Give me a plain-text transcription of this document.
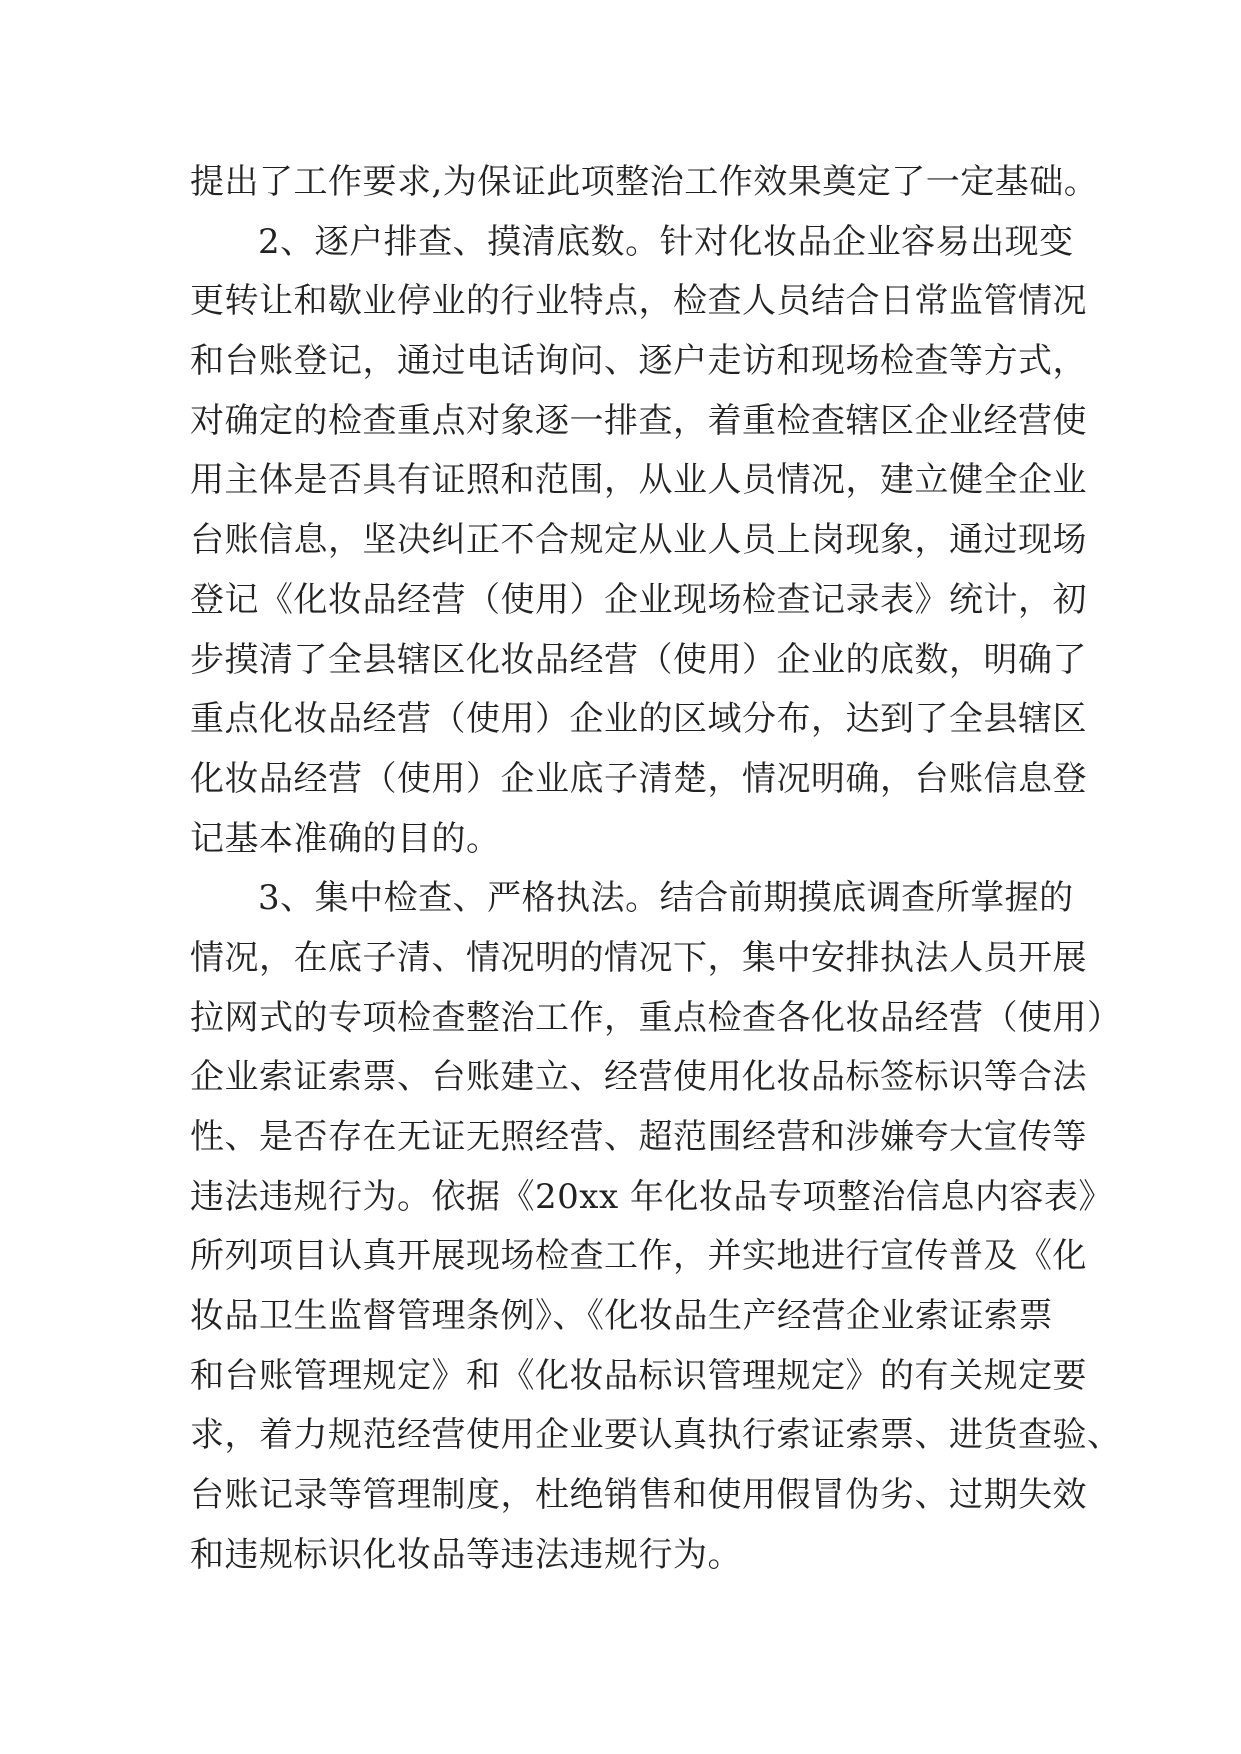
提出了工作要求,为保证此项整治工作效果奠定了一定基础。
2、逐户排查、摸清底数。针对化妆品企业容易出现变
更转让和歇业停业的行业特点，检查人员结合日常监管情况
和台账登记，通过电话询问、逐户走访和现场检查等方式，
对确定的检查重点对象逐一排查，着重检查辖区企业经营使
用主体是否具有证照和范围，从业人员情况，建立健全企业
台账信息，坚决纠正不合规定从业人员上岗现象，通过现场
登记《化妆品经营（使用）企业现场检查记录表》统计，初
步摸清了全县辖区化妆品经营（使用）企业的底数，明确了
重点化妆品经营（使用）企业的区域分布，达到了全县辖区
化妆品经营（使用）企业底子清楚，情况明确，台账信息登
记基本准确的目的。
3、集中检查、严格执法。结合前期摸底调查所掌握的
情况，在底子清、情况明的情况下，集中安排执法人员开展
拉网式的专项检查整治工作，重点检查各化妆品经营（使用）
企业索证索票、台账建立、经营使用化妆品标签标识等合法
性、是否存在无证无照经营、超范围经营和涉嫌夸大宣传等
违法违规行为。依据《20xx 年化妆品专项整治信息内容表》
所列项目认真开展现场检查工作，并实地进行宣传普及《化
妆品卫生监督管理条例》、《化妆品生产经营企业索证索票
和台账管理规定》和《化妆品标识管理规定》的有关规定要
求，着力规范经营使用企业要认真执行索证索票、进货查验、
台账记录等管理制度，杜绝销售和使用假冒伪劣、过期失效
和违规标识化妆品等违法违规行为。
